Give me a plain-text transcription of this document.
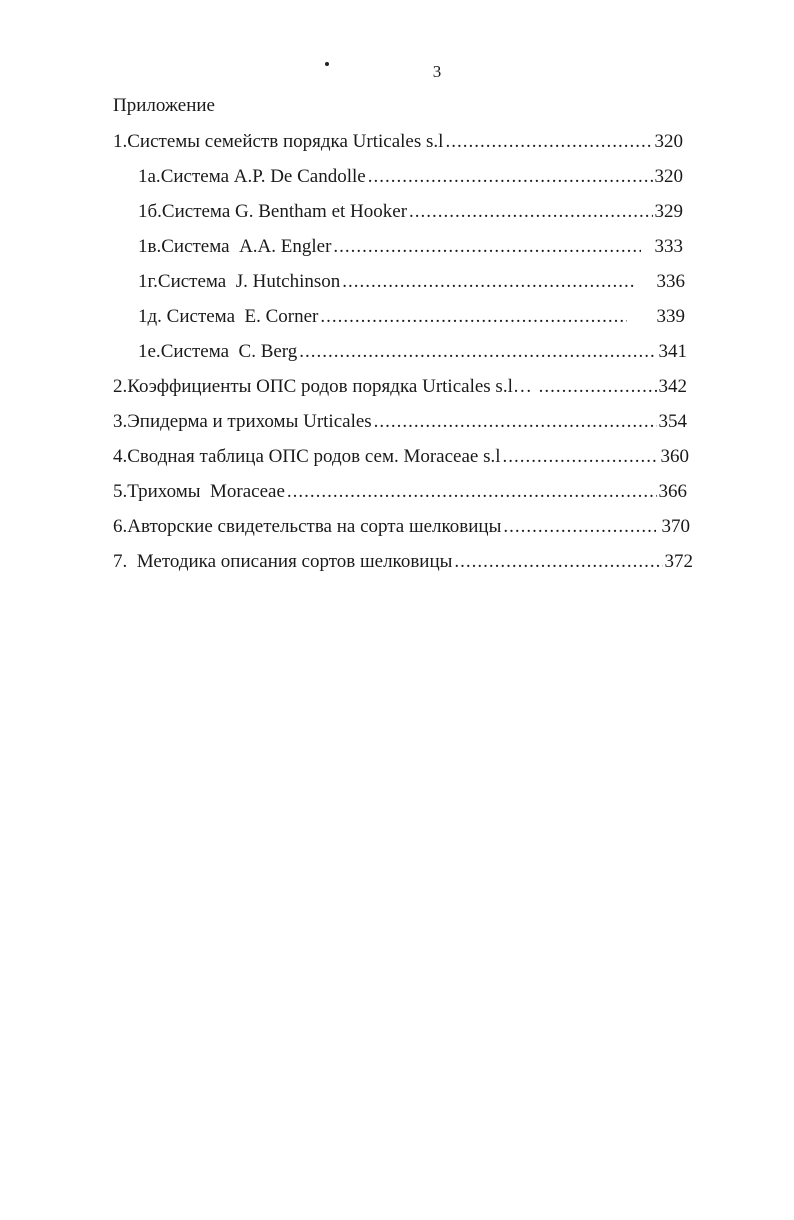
3
Приложение
1. Системы семейств порядка Urticales s.l .....	320
1а. Система A.P. De Candolle .....	320
1б. Система G. Bentham et Hooker .....	329
1в. Система  A.A. Engler .....	333
1г. Система  J. Hutchinson .....	336
1д. Система  E. Corner .....	339
1е. Система  C. Berg .....	341
2. Коэффициенты ОПС родов порядка Urticales s.l… .....	342
3. Эпидерма и трихомы Urticales .....	354
4. Сводная таблица ОПС родов сем. Moraceae s.l .....	360
5. Трихомы  Moraceae .....	366
6. Авторские свидетельства на сорта шелковицы .....	370
7. Методика описания сортов шелковицы .....	372
